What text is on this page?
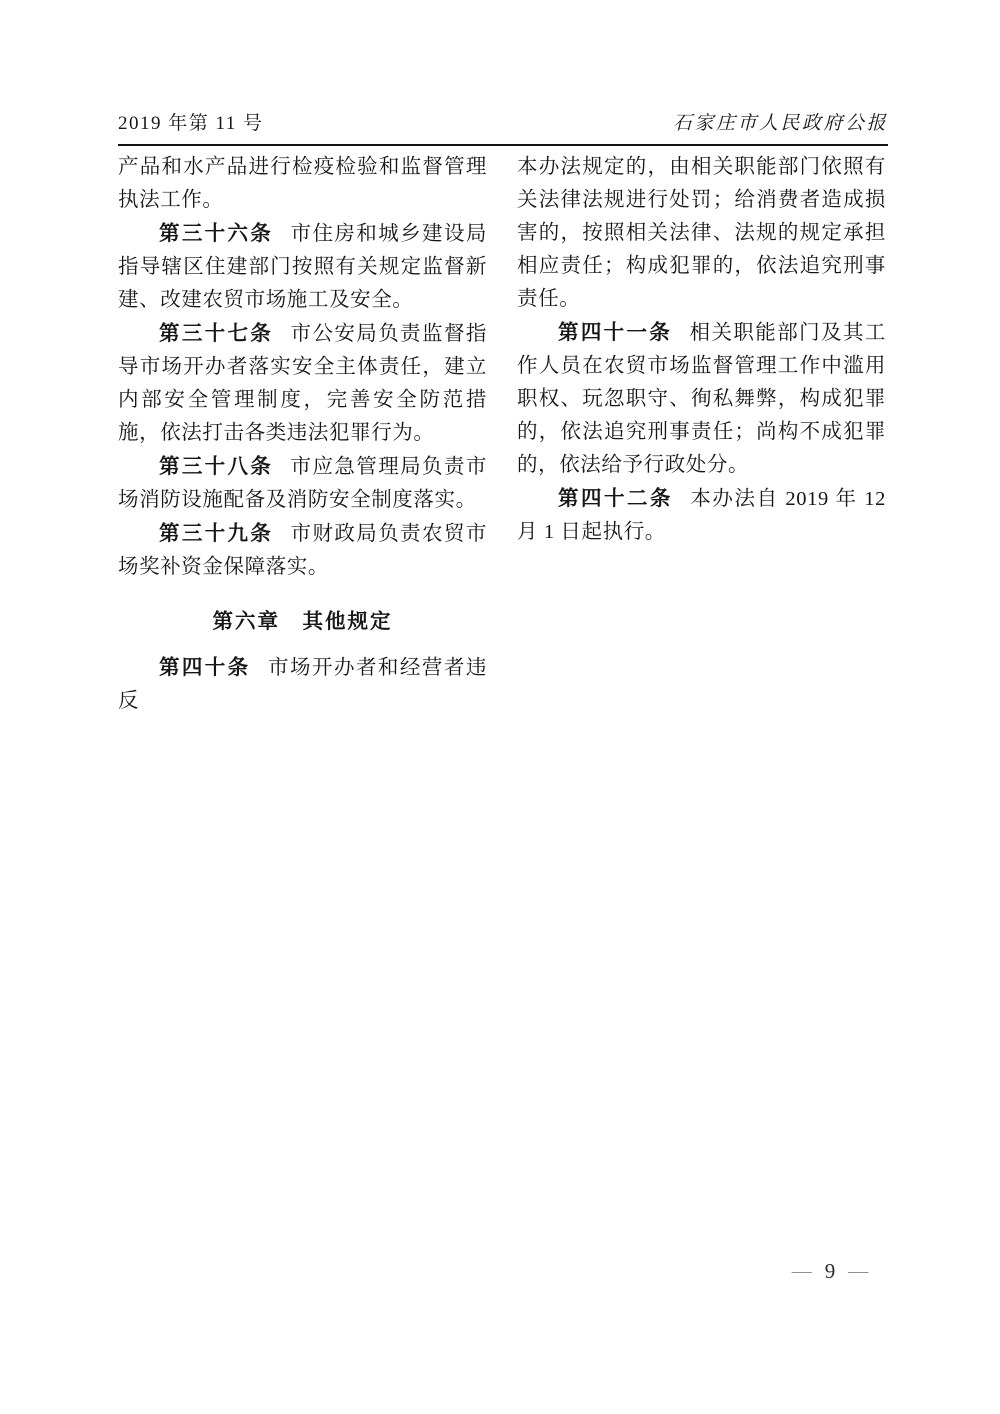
2019 年第 11 号	石家庄市人民政府公报

产品和水产品进行检疫检验和监督管理执法工作。

第三十六条 市住房和城乡建设局指导辖区住建部门按照有关规定监督新建、改建农贸市场施工及安全。

第三十七条 市公安局负责监督指导市场开办者落实安全主体责任，建立内部安全管理制度，完善安全防范措施，依法打击各类违法犯罪行为。

第三十八条 市应急管理局负责市场消防设施配备及消防安全制度落实。

第三十九条 市财政局负责农贸市场奖补资金保障落实。

第六章　其他规定

第四十条 市场开办者和经营者违反

本办法规定的，由相关职能部门依照有关法律法规进行处罚；给消费者造成损害的，按照相关法律、法规的规定承担相应责任；构成犯罪的，依法追究刑事责任。

第四十一条 相关职能部门及其工作人员在农贸市场监督管理工作中滥用职权、玩忽职守、徇私舞弊，构成犯罪的，依法追究刑事责任；尚构不成犯罪的，依法给予行政处分。

第四十二条 本办法自 2019 年 12 月 1 日起执行。

— 9 —
